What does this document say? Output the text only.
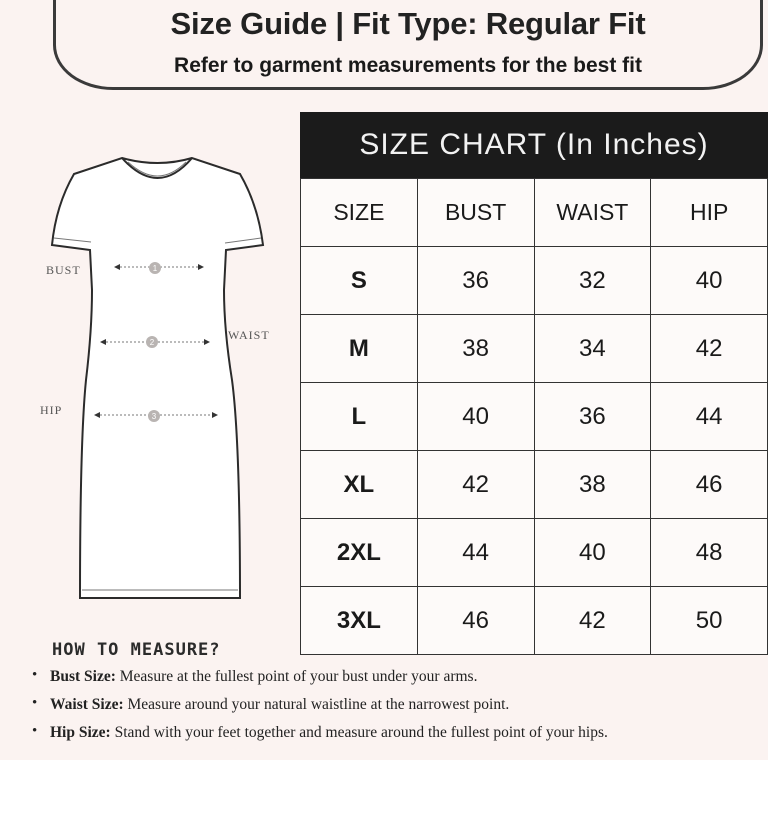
Size Guide | Fit Type: Regular Fit
Refer to garment measurements for the best fit
1
2
3
BUST
WAIST
HIP
SIZE CHART (In Inches)
SIZE	BUST	WAIST	HIP
S	36	32	40
M	38	34	42
L	40	36	44
XL	42	38	46
2XL	44	40	48
3XL	46	42	50
HOW TO MEASURE?
• Bust Size: Measure at the fullest point of your bust under your arms.
• Waist Size: Measure around your natural waistline at the narrowest point.
• Hip Size: Stand with your feet together and measure around the fullest point of your hips.
